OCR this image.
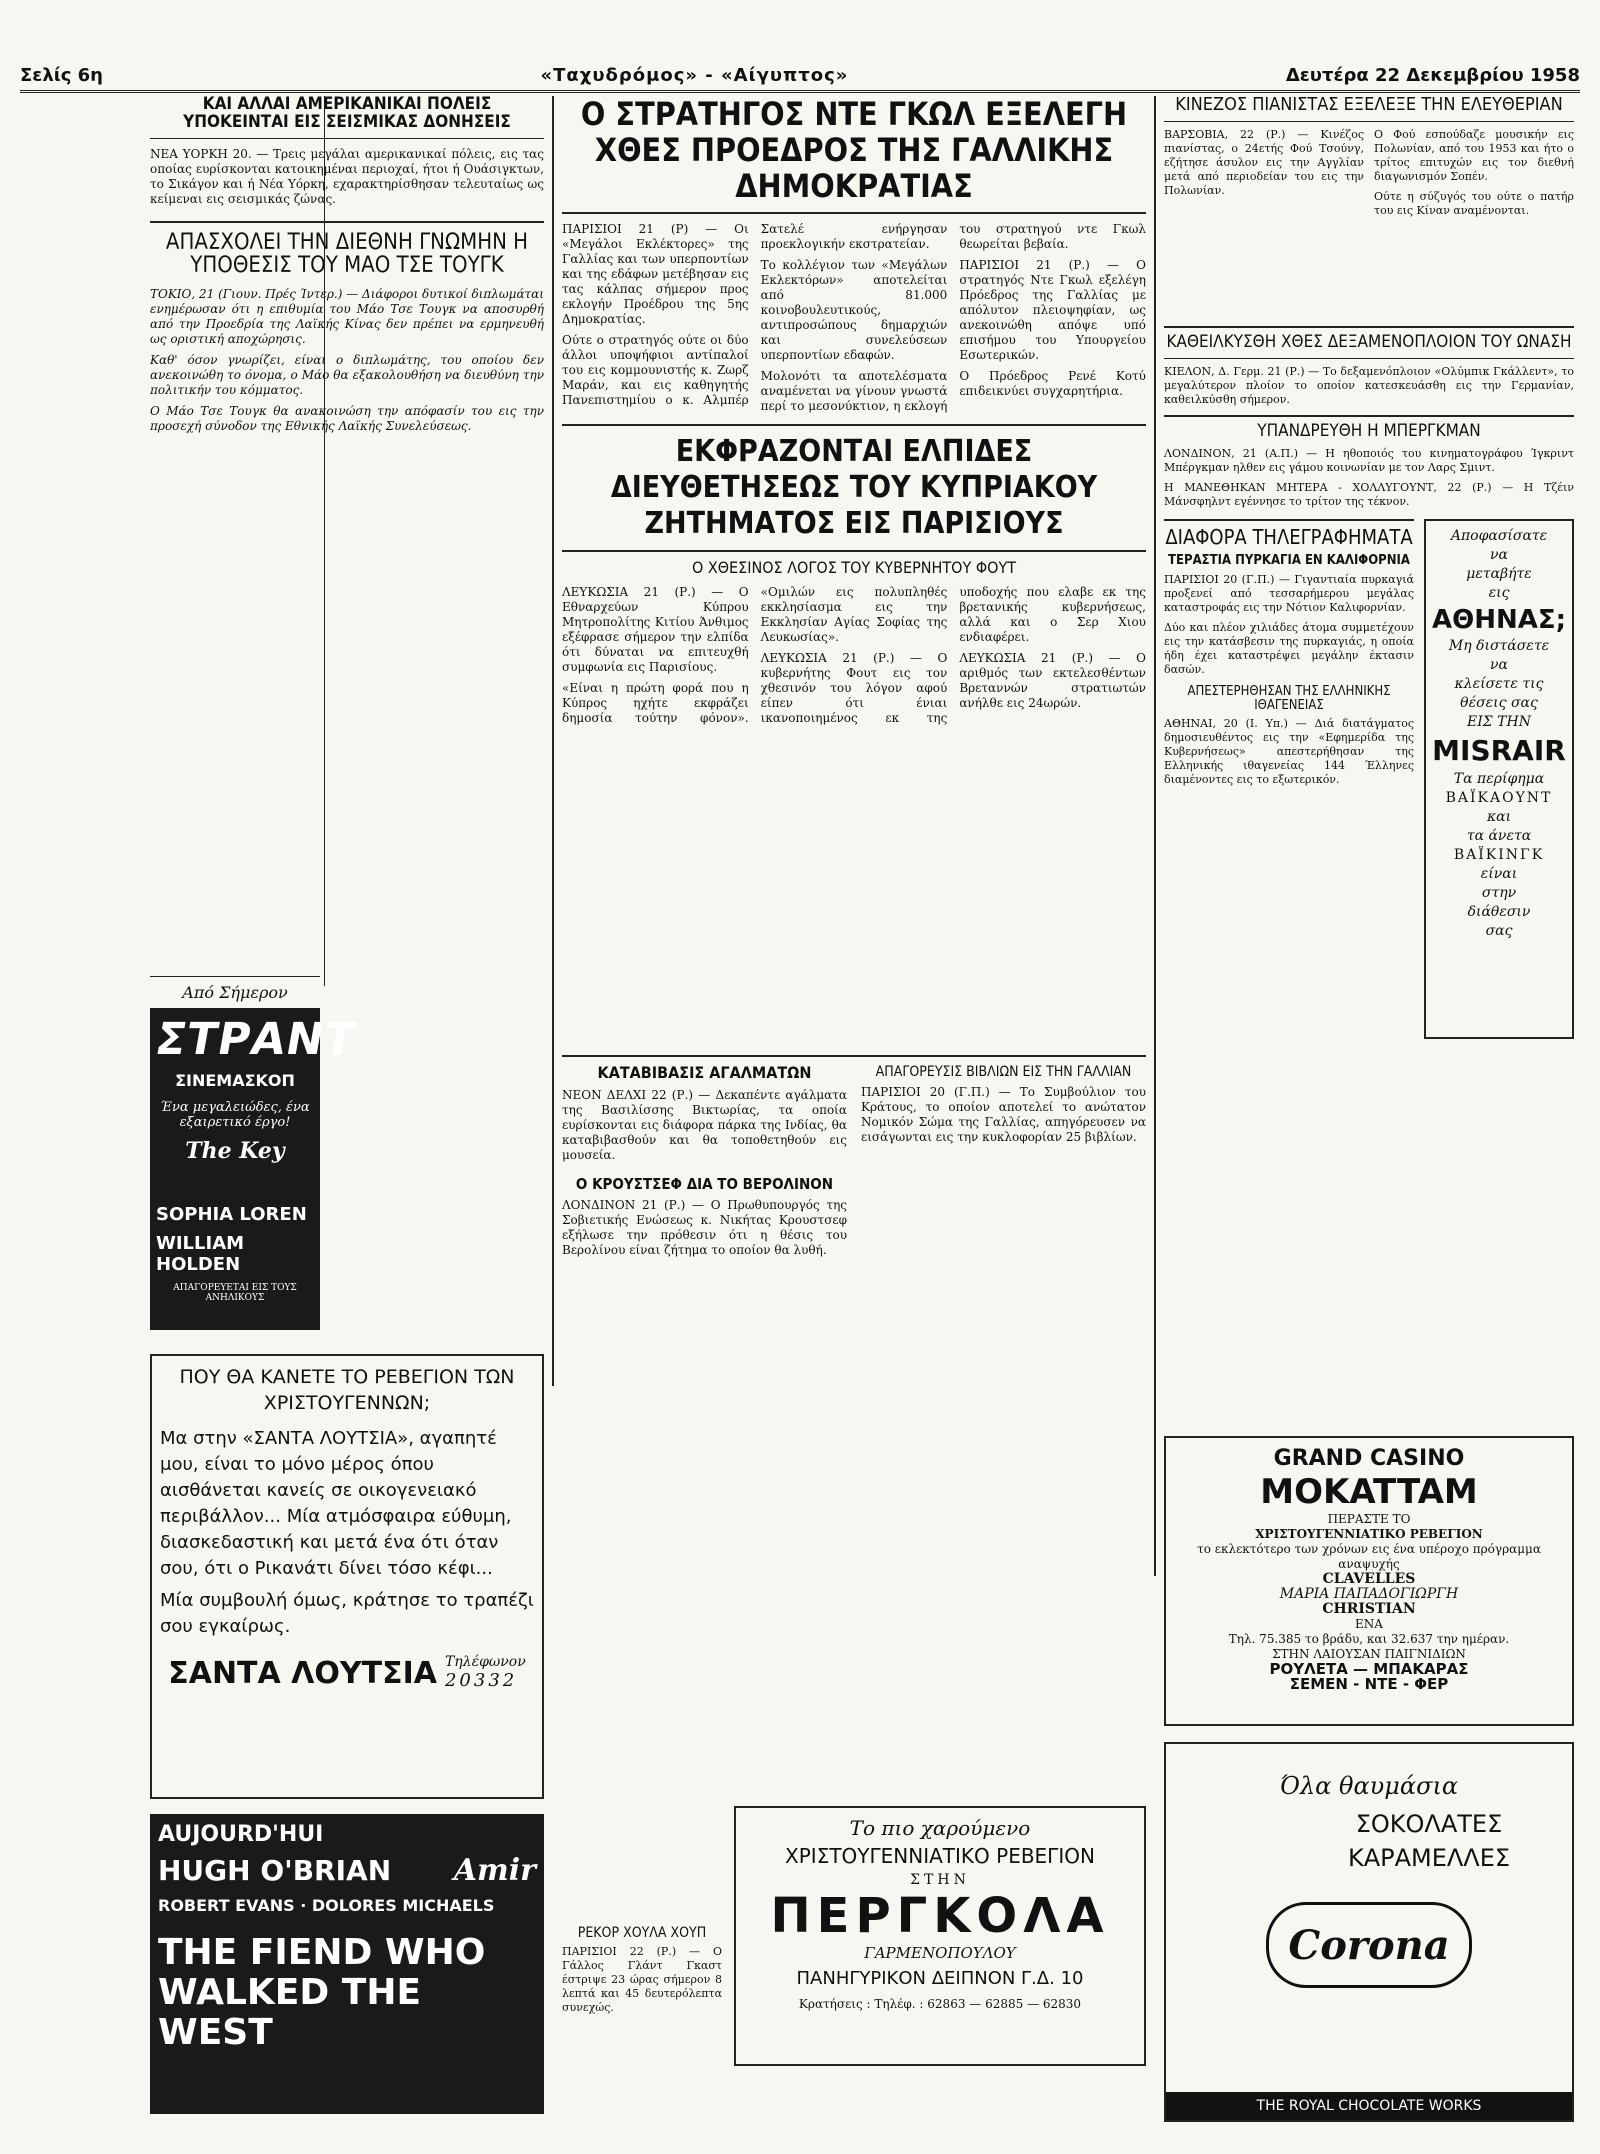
Σελίς 6η	«Ταχυδρόμος» - «Αίγυπτος»	Δευτέρα 22 Δεκεμβρίου 1958
ΚΑΙ ΑΛΛΑΙ ΑΜΕΡΙΚΑΝΙΚΑΙ ΠΟΛΕΙΣ
ΥΠΟΚΕΙΝΤΑΙ ΕΙΣ ΣΕΙΣΜΙΚΑΣ ΔΟΝΗΣΕΙΣ

ΝΕΑ ΥΟΡΚΗ 20. — Τρεις μεγάλαι αμερικανικαί πόλεις, εις τας οποίας ευρίσκονται κατοικημέναι περιοχαί, ήτοι ή Ουάσιγκτων, το Σικάγον και ή Νέα Υόρκη, εχαρακτηρίσθησαν τελευταίως ως κείμεναι εις σεισμικάς ζώνας.

ΑΠΑΣΧΟΛΕΙ ΤΗΝ ΔΙΕΘΝΗ ΓΝΩΜΗΝ Η ΥΠΟΘΕΣΙΣ ΤΟΥ ΜΑΟ ΤΣΕ ΤΟΥΓΚ

ΤΟΚΙΟ, 21 (Γιουν. Πρές Ίντερ.) — Διάφοροι δυτικοί διπλωμάται ενημέρωσαν ότι η επιθυμία του Μάο Τσε Τουγκ να αποσυρθή από την Προεδρία της Λαϊκής Κίνας δεν πρέπει να ερμηνευθή ως οριστική αποχώρησις.

Καθ' όσον γνωρίζει, είναι ο διπλωμάτης, του οποίου δεν ανεκοινώθη το όνομα, ο Μάο θα εξακολουθήση να διευθύνη την πολιτικήν του κόμματος.

Ο Μάο Τσε Τουγκ θα ανακοινώση την απόφασίν του εις την προσεχή σύνοδον της Εθνικής Λαϊκής Συνελεύσεως.

Από Σήμερον
ΣΤΡΑΝΤ
ΣΙΝΕΜΑΣΚΟΠ
Ένα μεγαλειώδες, ένα εξαιρετικό έργο!
The Key
SOPHIA LOREN
WILLIAM HOLDEN
ΑΠΑΓΟΡΕΥΕΤΑΙ ΕΙΣ ΤΟΥΣ ΑΝΗΛΙΚΟΥΣ
ΠΟΥ ΘΑ ΚΑΝΕΤΕ ΤΟ ΡΕΒΕΓΙΟΝ ΤΩΝ ΧΡΙΣΤΟΥΓΕΝΝΩΝ;
Μα στην «ΣΑΝΤΑ ΛΟΥΤΣΙΑ», αγαπητέ μου, είναι το μόνο μέρος όπου αισθάνεται κανείς σε οικογενειακό περιβάλλον... Μία ατμόσφαιρα εύθυμη, διασκεδαστική και μετά ένα ότι όταν σου, ότι ο Ρικανάτι δίνει τόσο κέφι...
Μία συμβουλή όμως, κράτησε το τραπέζι σου εγκαίρως.
ΣΑΝΤΑ ΛΟΥΤΣΙΑ Τηλέφωνον
20332
AUJOURD'HUI
HUGH O'BRIAN Amir
ROBERT EVANS · DOLORES MICHAELS
THE FIEND WHO WALKED THE WEST
Ο ΣΤΡΑΤΗΓΟΣ ΝΤΕ ΓΚΩΛ ΕΞΕΛΕΓΗ ΧΘΕΣ ΠΡΟΕΔΡΟΣ ΤΗΣ ΓΑΛΛΙΚΗΣ ΔΗΜΟΚΡΑΤΙΑΣ

ΠΑΡΙΣΙΟΙ 21 (Ρ) — Οι «Μεγάλοι Εκλέκτορες» της Γαλλίας και των υπερποντίων και της εδάφων μετέβησαν εις τας κάλπας σήμερον προς εκλογήν Προέδρου της 5ης Δημοκρατίας.

Ούτε ο στρατηγός ούτε οι δύο άλλοι υποψήφιοι αντίπαλοί του εις κομμουνιστής κ. Ζωρζ Μαράν, και εις καθηγητής Πανεπιστημίου ο κ. Αλμπέρ Σατελέ ενήργησαν προεκλογικήν εκστρατείαν.

Το κολλέγιον των «Μεγάλων Εκλεκτόρων» αποτελείται από 81.000 κοινοβουλευτικούς, αντιπροσώπους δημαρχιών και συνελεύσεων υπερποντίων εδαφών.

Μολονότι τα αποτελέσματα αναμένεται να γίνουν γνωστά περί το μεσονύκτιον, η εκλογή του στρατηγού ντε Γκωλ θεωρείται βεβαία.

ΠΑΡΙΣΙΟΙ 21 (Ρ.) — Ο στρατηγός Ντε Γκωλ εξελέγη Πρόεδρος της Γαλλίας με απόλυτον πλειοψηφίαν, ως ανεκοινώθη απόψε υπό επισήμου του Υπουργείου Εσωτερικών.

Ο Πρόεδρος Ρενέ Κοτύ επιδεικνύει συγχαρητήρια.

ΕΚΦΡΑΖΟΝΤΑΙ ΕΛΠΙΔΕΣ ΔΙΕΥΘΕΤΗΣΕΩΣ ΤΟΥ ΚΥΠΡΙΑΚΟΥ ΖΗΤΗΜΑΤΟΣ ΕΙΣ ΠΑΡΙΣΙΟΥΣ
Ο ΧΘΕΣΙΝΟΣ ΛΟΓΟΣ ΤΟΥ ΚΥΒΕΡΝΗΤΟΥ ΦΟΥΤ

ΛΕΥΚΩΣΙΑ 21 (Ρ.) — Ο Εθναρχεύων Κύπρου Μητροπολίτης Κιτίου Άνθιμος εξέφρασε σήμερον την ελπίδα ότι δύναται να επιτευχθή συμφωνία εις Παρισίους.

«Είναι η πρώτη φορά που η Κύπρος ηχήτε εκφράζει δημοσία τούτην φόνον». «Ομιλών εις πολυπληθές εκκλησίασμα εις την Εκκλησίαν Αγίας Σοφίας της Λευκωσίας».

ΛΕΥΚΩΣΙΑ 21 (Ρ.) — Ο κυβερνήτης Φουτ εις τον χθεσινόν του λόγον αφού είπεν ότι ένιαι ικανοποιημένος εκ της υποδοχής που ελαβε εκ της βρετανικής κυβερνήσεως, αλλά και ο Σερ Χιου ενδιαφέρει.

ΛΕΥΚΩΣΙΑ 21 (Ρ.) — Ο αριθμός των εκτελεσθέντων Βρεταννών στρατιωτών ανήλθε εις 24ωρών.

ΚΑΤΑΒΙΒΑΣΙΣ ΑΓΑΛΜΑΤΩΝ

ΝΕΟΝ ΔΕΛΧΙ 22 (Ρ.) — Δεκαπέντε αγάλματα της Βασιλίσσης Βικτωρίας, τα οποία ευρίσκονται εις διάφορα πάρκα της Ινδίας, θα καταβιβασθούν και θα τοποθετηθούν εις μουσεία.

Ο ΚΡΟΥΣΤΣΕΦ ΔΙΑ ΤΟ ΒΕΡΟΛΙΝΟΝ

ΛΟΝΔΙΝΟΝ 21 (Ρ.) — Ο Πρωθυπουργός της Σοβιετικής Ενώσεως κ. Νικήτας Κρουστσεφ εξήλωσε την πρόθεσιν ότι η θέσις του Βερολίνου είναι ζήτημα το οποίον θα λυθή.

ΑΠΑΓΟΡΕΥΣΙΣ ΒΙΒΛΙΩΝ ΕΙΣ ΤΗΝ ΓΑΛΛΙΑΝ

ΠΑΡΙΣΙΟΙ 20 (Γ.Π.) — Το Συμβούλιον του Κράτους, το οποίον αποτελεί το ανώτατον Νομικόν Σώμα της Γαλλίας, απηγόρευσεν να εισάγωνται εις την κυκλοφορίαν 25 βιβλίων.

ΡΕΚΟΡ ΧΟΥΛΑ ΧΟΥΠ

ΠΑΡΙΣΙΟΙ 22 (Ρ.) — Ο Γάλλος Γλάντ Γκαστ έστριψε 23 ώρας σήμερον 8 λεπτά και 45 δευτερόλεπτα συνεχώς.

Το πιο χαρούμενο
ΧΡΙΣΤΟΥΓΕΝΝΙΑΤΙΚΟ ΡΕΒΕΓΙΟΝ
ΣΤΗΝ
ΠΕΡΓΚΟΛΑ
ΓΑΡΜΕΝΟΠΟΥΛΟΥ
ΠΑΝΗΓΥΡΙΚΟΝ ΔΕΙΠΝΟΝ Γ.Δ. 10
Κρατήσεις : Τηλέφ. : 62863 — 62885 — 62830
ΚΙΝΕΖΟΣ ΠΙΑΝΙΣΤΑΣ ΕΞΕΛΕΞΕ ΤΗΝ ΕΛΕΥΘΕΡΙΑΝ

ΒΑΡΣΟΒΙΑ, 22 (Ρ.) — Κινέζος πιανίστας, ο 24ετής Φού Τσούνγ, εζήτησε άσυλον εις την Αγγλίαν μετά από περιοδείαν του εις την Πολωνίαν.

Ο Φού εσπούδαζε μουσικήν εις Πολωνίαν, από του 1953 και ήτο ο τρίτος επιτυχών εις τον διεθνή διαγωνισμόν Σοπέν.

Ούτε η σύζυγός του ούτε ο πατήρ του εις Κίναν αναμένονται.

ΚΑΘΕΙΛΚΥΣΘΗ ΧΘΕΣ ΔΕΞΑΜΕΝΟΠΛΟΙΟΝ ΤΟΥ ΩΝΑΣΗ

ΚΙΕΛΟΝ, Δ. Γερμ. 21 (Ρ.) — Το δεξαμενόπλοιον «Ολύμπικ Γκάλλεντ», το μεγαλύτερον πλοίον το οποίον κατεσκευάσθη εις την Γερμανίαν, καθειλκύσθη σήμερον.

ΥΠΑΝΔΡΕΥΘΗ Η ΜΠΕΡΓΚΜΑΝ

ΛΟΝΔΙΝΟΝ, 21 (Α.Π.) — Η ηθοποιός του κινηματογράφου Ίγκριντ Μπέργκμαν ηλθεν εις γάμου κοινωνίαν με τον Λαρς Σμιντ.

Η ΜΑΝΕΘΗΚΑΝ ΜΗΤΕΡΑ - ΧΟΛΛΥΓΟΥΝΤ, 22 (Ρ.) — Η Τζέιν Μάνσφηλντ εγέννησε το τρίτον της τέκνον.

ΔΙΑΦΟΡΑ ΤΗΛΕΓΡΑΦΗΜΑΤΑ
ΤΕΡΑΣΤΙΑ ΠΥΡΚΑΓΙΑ ΕΝ ΚΑΛΙΦΟΡΝΙΑ

ΠΑΡΙΣΙΟΙ 20 (Γ.Π.) — Γιγαντιαία πυρκαγιά προξενεί από τεσσαρήμερου μεγάλας καταστροφάς εις την Νότιον Καλιφορνίαν.

Δύο και πλέον χιλιάδες άτομα συμμετέχουν εις την κατάσβεσιν της πυρκαγιάς, η οποία ήδη έχει καταστρέψει μεγάλην έκτασιν δασών.

ΑΠΕΣΤΕΡΗΘΗΣΑΝ ΤΗΣ ΕΛΛΗΝΙΚΗΣ ΙΘΑΓΕΝΕΙΑΣ

ΑΘΗΝΑΙ, 20 (Ι. Υπ.) — Διά διατάγματος δημοσιευθέντος εις την «Εφημερίδα της Κυβερνήσεως» απεστερήθησαν της Ελληνικής ιθαγενείας 144 Έλληνες διαμένοντες εις το εξωτερικόν.

Αποφασίσατε
να
μεταβήτε
εις
ΑΘΗΝΑΣ;
Μη διστάσετε
να
κλείσετε τις
θέσεις σας
ΕΙΣ ΤΗΝ
MISRAIR
Τα περίφημα
ΒΑΪΚΑΟΥΝΤ
και
τα άνετα
ΒΑΪΚΙΝΓΚ
είναι
στην
διάθεσιν
σας
GRAND CASINO
MOKATTAM
ΠΕΡΑΣΤΕ ΤΟ
ΧΡΙΣΤΟΥΓΕΝΝΙΑΤΙΚΟ ΡΕΒΕΓΙΟΝ
το εκλεκτότερο των χρόνων εις ένα υπέροχο πρόγραμμα αναψυχής
CLAVELLES
ΜΑΡΙΑ ΠΑΠΑΔΟΓΙΩΡΓΗ
CHRISTIAN
ΕΝΑ
Τηλ. 75.385 το βράδυ, και 32.637 την ημέραν.
ΣΤΗΝ ΛΑΙΟΥΣΑΝ ΠΑΙΓΝΙΔΙΩΝ
ΡΟΥΛΕΤΑ — ΜΠΑΚΑΡΑΣ
ΣΕΜΕΝ - ΝΤΕ - ΦΕΡ
Όλα θαυμάσια
ΣΟΚΟΛΑΤΕΣ
ΚΑΡΑΜΕΛΛΕΣ
Corona
THE ROYAL CHOCOLATE WORKS
